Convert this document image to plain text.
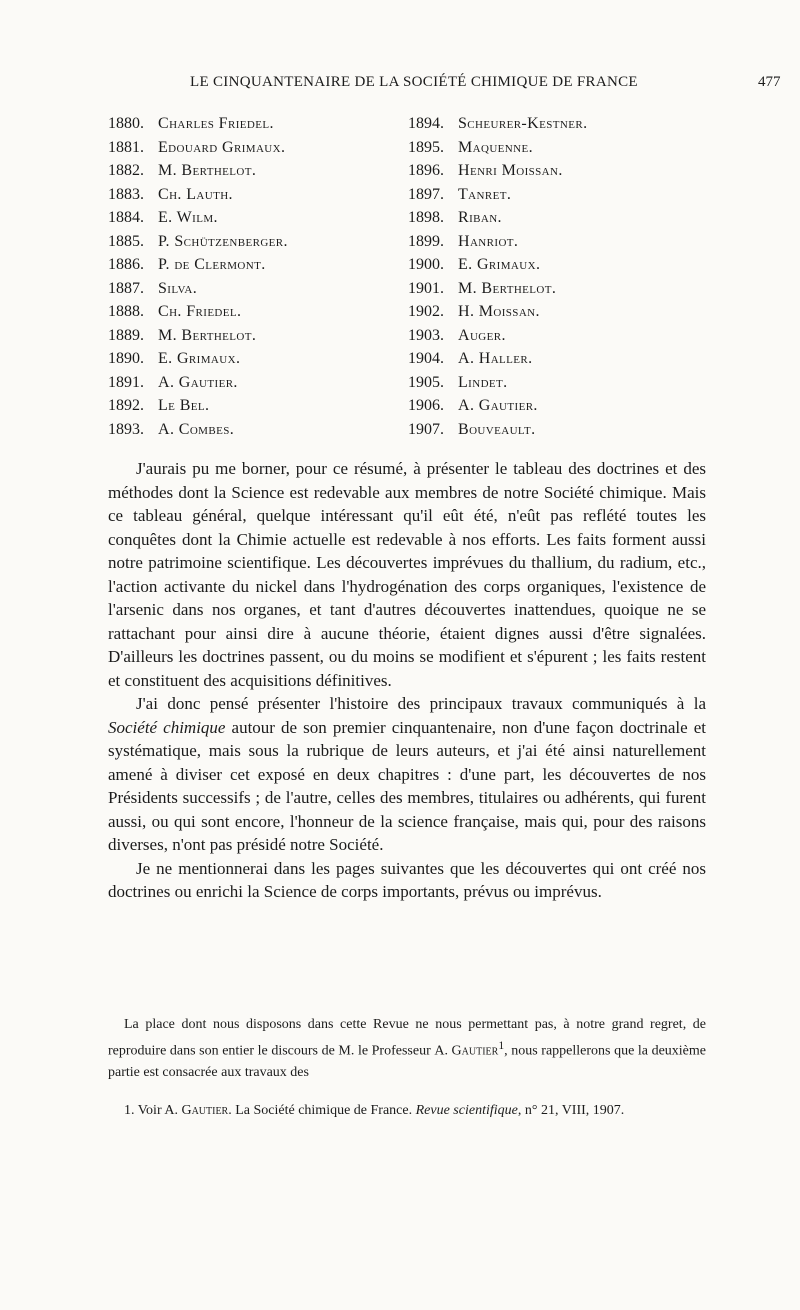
LE CINQUANTENAIRE DE LA SOCIÉTÉ CHIMIQUE DE FRANCE	477
1880. Charles Friedel.
1881. Edouard Grimaux.
1882. M. Berthelot.
1883. Ch. Lauth.
1884. E. Wilm.
1885. P. Schützenberger.
1886. P. de Clermont.
1887. Silva.
1888. Ch. Friedel.
1889. M. Berthelot.
1890. E. Grimaux.
1891. A. Gautier.
1892. Le Bel.
1893. A. Combes.
1894. Scheurer-Kestner.
1895. Maquenne.
1896. Henri Moissan.
1897. Tanret.
1898. Riban.
1899. Hanriot.
1900. E. Grimaux.
1901. M. Berthelot.
1902. H. Moissan.
1903. Auger.
1904. A. Haller.
1905. Lindet.
1906. A. Gautier.
1907. Bouveault.

J'aurais pu me borner, pour ce résumé, à présenter le tableau des doctrines et des méthodes dont la Science est redevable aux membres de notre Société chimique. Mais ce tableau général, quelque intéressant qu'il eût été, n'eût pas reflété toutes les conquêtes dont la Chimie actuelle est redevable à nos efforts. Les faits forment aussi notre patrimoine scientifique. Les découvertes imprévues du thallium, du radium, etc., l'action activante du nickel dans l'hydrogénation des corps organiques, l'existence de l'arsenic dans nos organes, et tant d'autres découvertes inattendues, quoique ne se rattachant pour ainsi dire à aucune théorie, étaient dignes aussi d'être signalées. D'ailleurs les doctrines passent, ou du moins se modifient et s'épurent ; les faits restent et constituent des acquisitions définitives.

J'ai donc pensé présenter l'histoire des principaux travaux communiqués à la Société chimique autour de son premier cinquantenaire, non d'une façon doctrinale et systématique, mais sous la rubrique de leurs auteurs, et j'ai été ainsi naturellement amené à diviser cet exposé en deux chapitres : d'une part, les découvertes de nos Présidents successifs ; de l'autre, celles des membres, titulaires ou adhérents, qui furent aussi, ou qui sont encore, l'honneur de la science française, mais qui, pour des raisons diverses, n'ont pas présidé notre Société.

Je ne mentionnerai dans les pages suivantes que les découvertes qui ont créé nos doctrines ou enrichi la Science de corps importants, prévus ou imprévus.

La place dont nous disposons dans cette Revue ne nous permettant pas, à notre grand regret, de reproduire dans son entier le discours de M. le Professeur A. Gautier$^1$, nous rappellerons que la deuxième partie est consacrée aux travaux des

1. Voir A. Gautier. La Société chimique de France. Revue scientifique, n° 21, VIII, 1907.
